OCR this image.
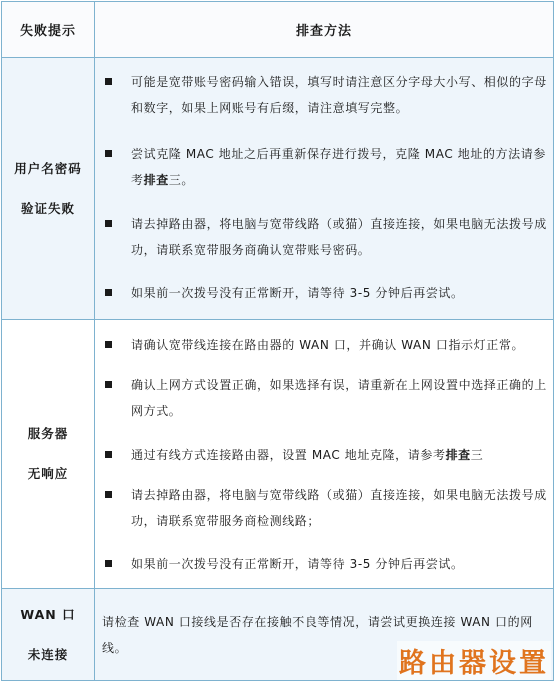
失败提示	排查方法
用户名密码
验证失败
可能是宽带账号密码输入错误，填写时请注意区分字母大小写、相似的字母和数字，如果上网账号有后缀，请注意填写完整。
尝试克隆 MAC 地址之后再重新保存进行拨号，克隆 MAC 地址的方法请参考排查三。
请去掉路由器，将电脑与宽带线路（或猫）直接连接，如果电脑无法拨号成功，请联系宽带服务商确认宽带账号密码。
如果前一次拨号没有正常断开，请等待 3-5 分钟后再尝试。
服务器
无响应
请确认宽带线连接在路由器的 WAN 口，并确认 WAN 口指示灯正常。
确认上网方式设置正确，如果选择有误，请重新在上网设置中选择正确的上网方式。
通过有线方式连接路由器，设置 MAC 地址克隆，请参考排查三
请去掉路由器，将电脑与宽带线路（或猫）直接连接，如果电脑无法拨号成功，请联系宽带服务商检测线路；
如果前一次拨号没有正常断开，请等待 3-5 分钟后再尝试。
WAN 口
未连接
请检查 WAN 口接线是否存在接触不良等情况，请尝试更换连接 WAN 口的网线。	路由器设置
